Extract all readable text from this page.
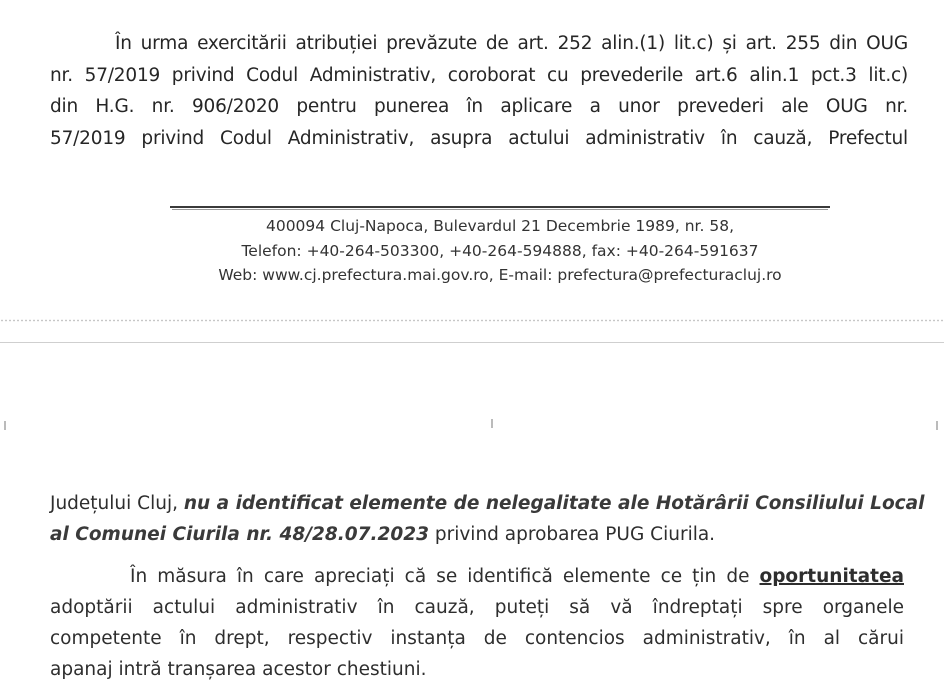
În urma exercitării atribuției prevăzute de art. 252 alin.(1) lit.c) și art. 255 din OUG
nr. 57/2019 privind Codul Administrativ, coroborat cu prevederile art.6 alin.1 pct.3 lit.c)
din H.G. nr. 906/2020 pentru punerea în aplicare a unor prevederi ale OUG nr.
57/2019 privind Codul Administrativ, asupra actului administrativ în cauză, Prefectul
400094 Cluj-Napoca, Bulevardul 21 Decembrie 1989, nr. 58,
Telefon: +40-264-503300, +40-264-594888, fax: +40-264-591637
Web: www.cj.prefectura.mai.gov.ro, E-mail: prefectura@prefecturacluj.ro
Județului Cluj, nu a identificat elemente de nelegalitate ale Hotărârii Consiliului Local
al Comunei Ciurila nr. 48/28.07.2023 privind aprobarea PUG Ciurila.
În măsura în care apreciați că se identifică elemente ce țin de oportunitatea
adoptării actului administrativ în cauză, puteți să vă îndreptați spre organele
competente în drept, respectiv instanța de contencios administrativ, în al cărui
apanaj intră tranșarea acestor chestiuni.
